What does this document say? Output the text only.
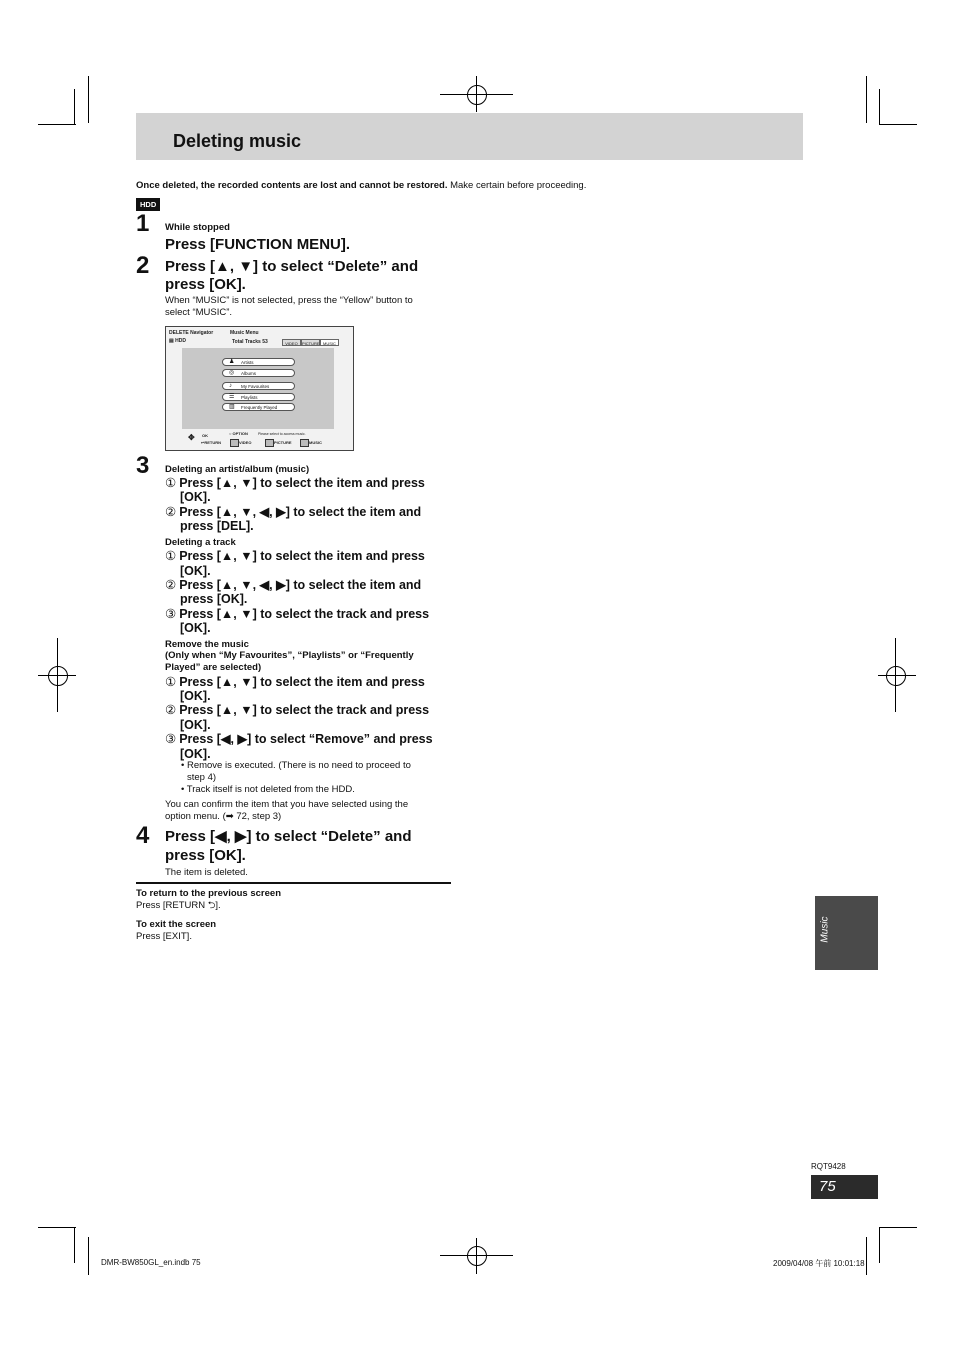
Deleting music
Once deleted, the recorded contents are lost and cannot be restored. Make certain before proceeding.
HDD
1 While stopped
Press [FUNCTION MENU].
2 Press [▲, ▼] to select “Delete” and
press [OK].
When “MUSIC” is not selected, press the “Yellow” button to
select “MUSIC”.
DELETE Navigator	Music Menu
▤ HDD	Total Tracks 53	VIDEO	PICTURE MUSIC
♟ Artists
◎ Albums
♪ My Favourites
☰ Playlists
▥ Frequently Played
✥ OK
↩RETURN
○ OPTION	Please select to access music.
VIDEO	PICTURE	MUSIC
3 Deleting an artist/album (music)
① Press [▲, ▼] to select the item and press
[OK].
② Press [▲, ▼, ◀, ▶] to select the item and
press [DEL].
Deleting a track
① Press [▲, ▼] to select the item and press
[OK].
② Press [▲, ▼, ◀, ▶] to select the item and
press [OK].
③ Press [▲, ▼] to select the track and press
[OK].
Remove the music
(Only when “My Favourites”, “Playlists” or “Frequently
Played” are selected)
① Press [▲, ▼] to select the item and press
[OK].
② Press [▲, ▼] to select the track and press
[OK].
③ Press [◀, ▶] to select “Remove” and press
[OK].
• Remove is executed. (There is no need to proceed to
step 4)
• Track itself is not deleted from the HDD.
You can confirm the item that you have selected using the
option menu. (➡ 72, step 3)
4 Press [◀, ▶] to select “Delete” and
press [OK].
The item is deleted.
To return to the previous screen
Press [RETURN ⮌].
To exit the screen
Press [EXIT].	Music
RQT9428
75
DMR-BW850GL_en.indb 75	2009/04/08 午前 10:01:18
